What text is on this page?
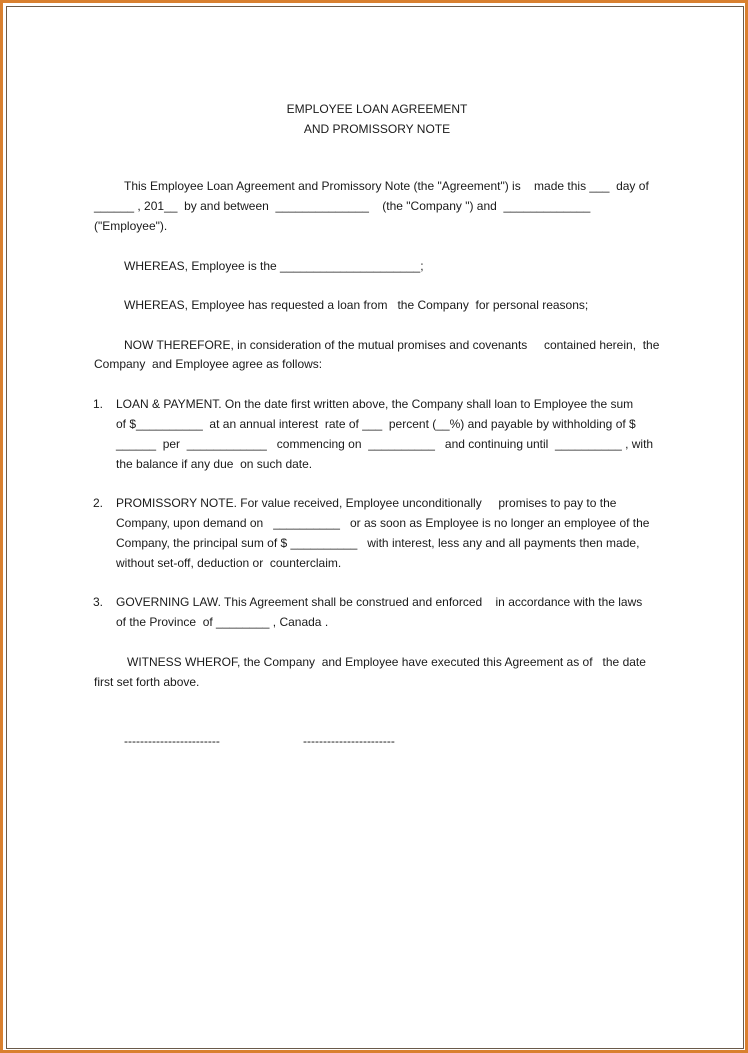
EMPLOYEE LOAN AGREEMENT
AND PROMISSORY NOTE
This Employee Loan Agreement and Promissory Note (the "Agreement") is    made this ___  day of
______ , 201__  by and between  ______________    (the "Company ") and  _____________
("Employee").
WHEREAS, Employee is the _____________________;
WHEREAS, Employee has requested a loan from   the Company  for personal reasons;
NOW THEREFORE, in consideration of the mutual promises and covenants     contained herein,  the
Company  and Employee agree as follows:
1. LOAN & PAYMENT. On the date first written above, the Company shall loan to Employee the sum
of $__________  at an annual interest  rate of ___  percent (__%) and payable by withholding of $
______  per  ____________   commencing on  __________   and continuing until  __________ , with
the balance if any due  on such date.
2. PROMISSORY NOTE. For value received, Employee unconditionally     promises to pay to the
Company, upon demand on   __________   or as soon as Employee is no longer an employee of the
Company, the principal sum of $ __________   with interest, less any and all payments then made,
without set-off, deduction or  counterclaim.
3. GOVERNING LAW. This Agreement shall be construed and enforced    in accordance with the laws
of the Province  of ________ , Canada .
WITNESS WHEROF, the Company  and Employee have executed this Agreement as of   the date
first set forth above.
------------------------	-----------------------
